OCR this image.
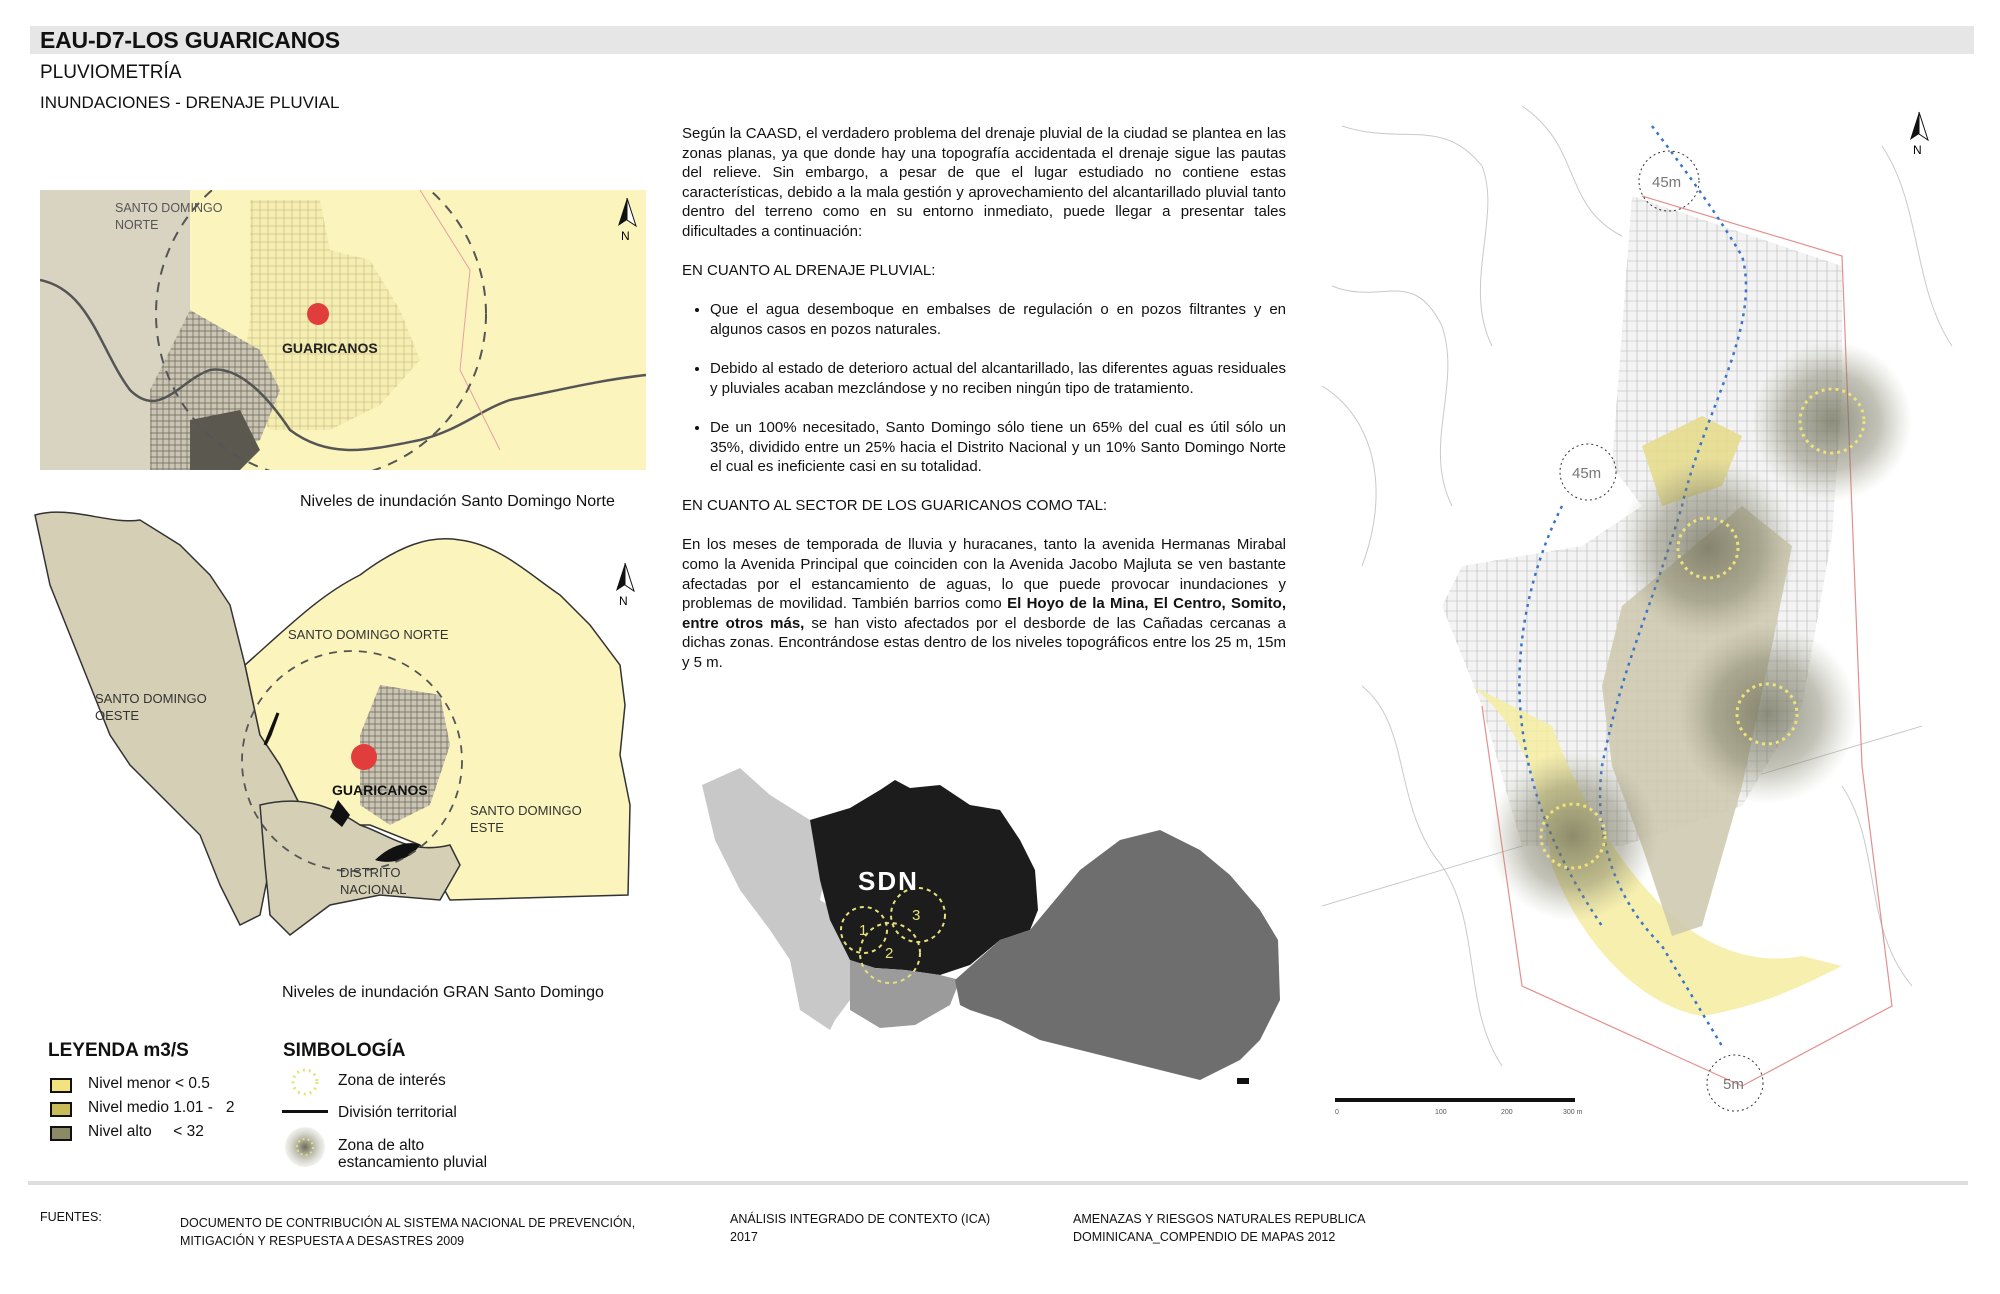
EAU-D7-LOS GUARICANOS
PLUVIOMETRÍA
INUNDACIONES - DRENAJE PLUVIAL
SANTO DOMINGO NORTE
GUARICANOS
N
Niveles de inundación Santo Domingo Norte
SANTO DOMINGO NORTE
SANTO DOMINGO OESTE
SANTO DOMINGO ESTE
DISTRITO NACIONAL
GUARICANOS
N
Niveles de inundación GRAN Santo Domingo

Según la CAASD, el verdadero problema del drenaje pluvial de la ciudad se plantea en las zonas planas, ya que donde hay una topografía accidentada el drenaje sigue las pautas del relieve. Sin embargo, a pesar de que el lugar estudiado no contiene estas características, debido a la mala gestión y aprovechamiento del alcantarillado pluvial tanto dentro del terreno como en su entorno inmediato, puede llegar a presentar tales dificultades a continuación:

EN CUANTO AL DRENAJE PLUVIAL:

• Que el agua desemboque en embalses de regulación o en pozos filtrantes y en algunos casos en pozos naturales.
• Debido al estado de deterioro actual del alcantarillado, las diferentes aguas residuales y pluviales acaban mezclándose y no reciben ningún tipo de tratamiento.
• De un 100% necesitado, Santo Domingo sólo tiene un 65% del cual es útil sólo un 35%, dividido entre un 25% hacia el Distrito Nacional y un 10% Santo Domingo Norte el cual es ineficiente casi en su totalidad.

EN CUANTO AL SECTOR DE LOS GUARICANOS COMO TAL:

En los meses de temporada de lluvia y huracanes, tanto la avenida Hermanas Mirabal como la Avenida Principal que coinciden con la Avenida Jacobo Majluta se ven bastante afectadas por el estancamiento de aguas, lo que puede provocar inundaciones y problemas de movilidad. También barrios como El Hoyo de la Mina, El Centro, Somito, entre otros más, se han visto afectados por el desborde de las Cañadas cercanas a dichas zonas. Encontrándose estas dentro de los niveles topográficos entre los 25 m, 15m y 5 m.

SDN
1
3
2
45m
45m
5m
N
0	100	200	300 m
LEYENDA m3/S
Nivel menor < 0.5
Nivel medio 1.01 -   2
Nivel alto     < 32
SIMBOLOGÍA
Zona de interés
División territorial
Zona de alto
estancamiento pluvial
FUENTES:	DOCUMENTO DE CONTRIBUCIÓN AL SISTEMA NACIONAL DE PREVENCIÓN,
MITIGACIÓN Y RESPUESTA A DESASTRES 2009
ANÁLISIS INTEGRADO DE CONTEXTO (ICA)
2017
AMENAZAS Y RIESGOS NATURALES REPUBLICA
DOMINICANA_COMPENDIO DE MAPAS 2012
